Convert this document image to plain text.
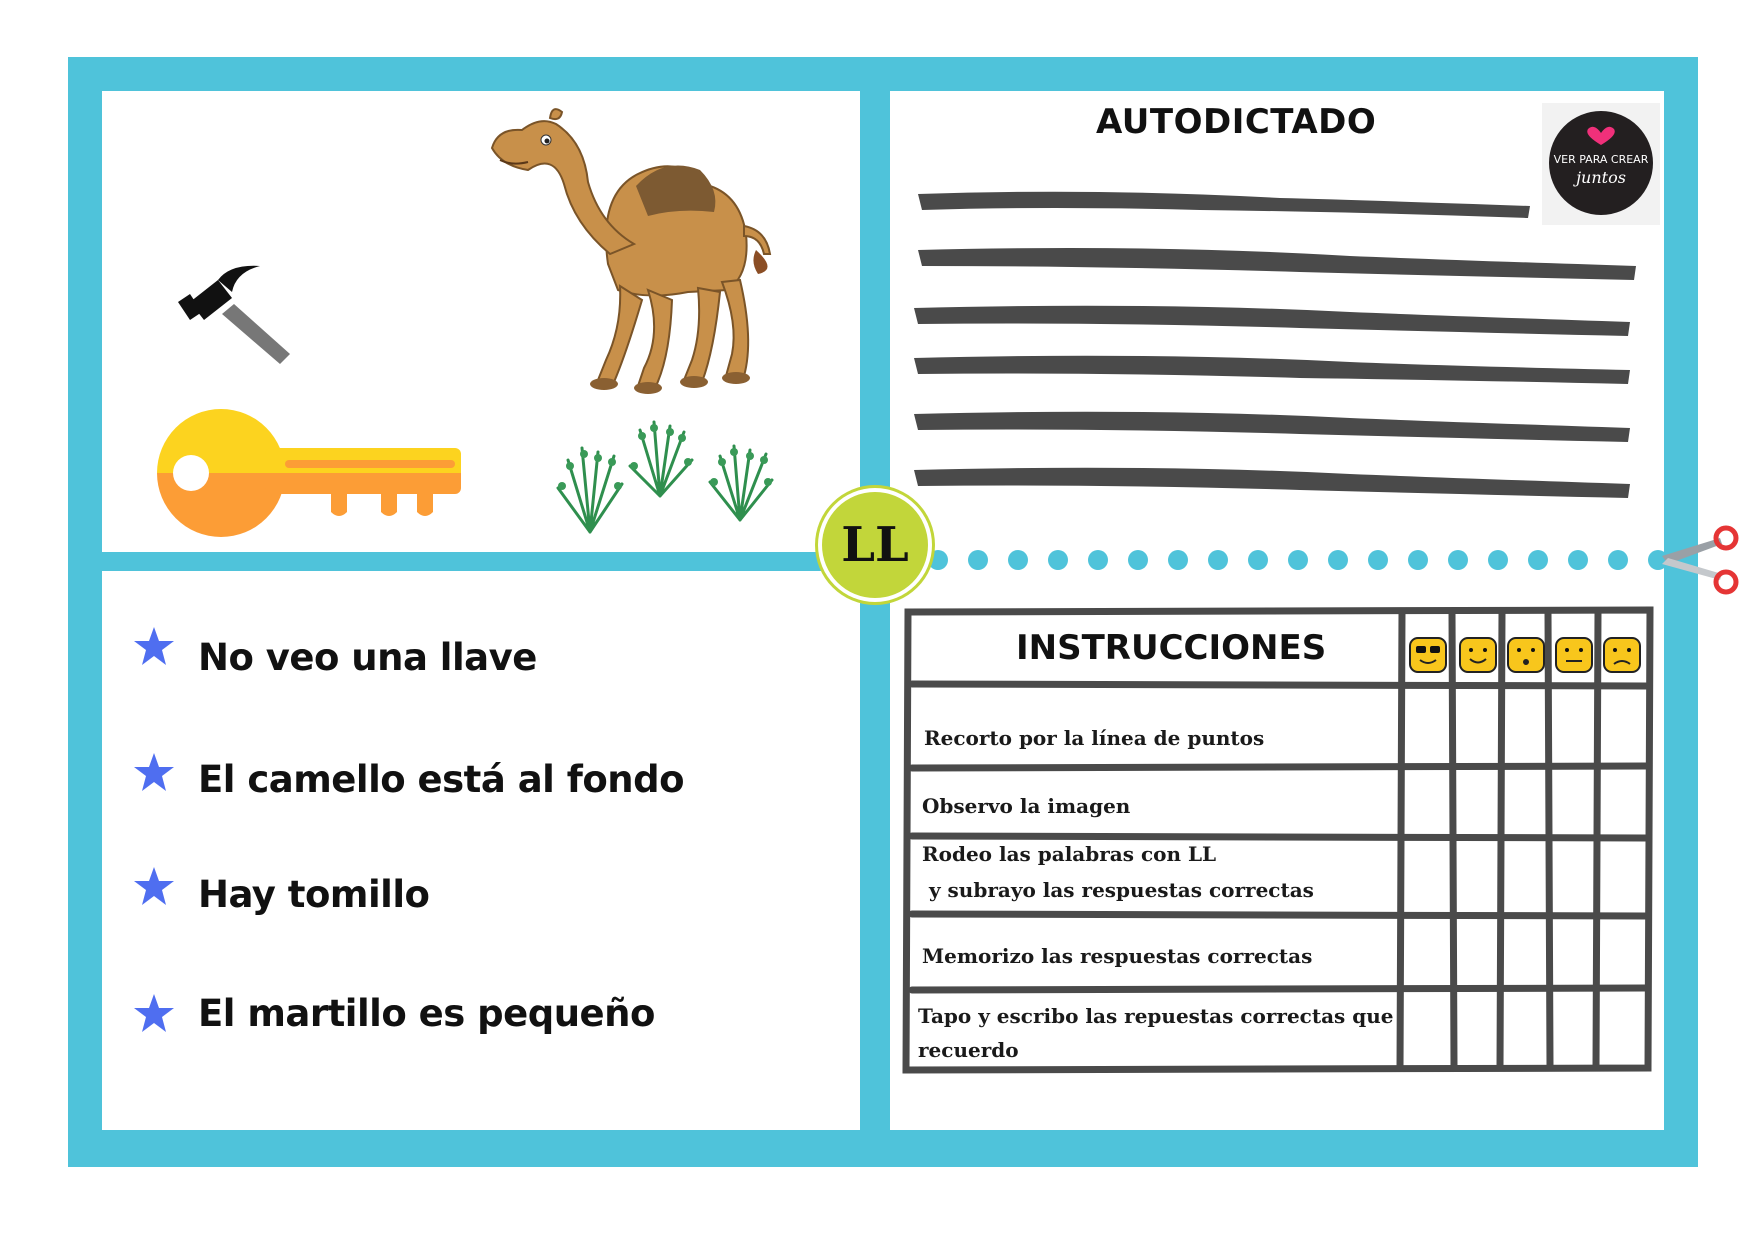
No veo una llave
El camello está al fondo
Hay tomillo
El martillo es pequeño
AUTODICTADO
VER PARA CREAR
juntos
LL
INSTRUCCIONES
Recorto por la línea de puntos
Observo la imagen
Rodeo las palabras con LL
y subrayo las respuestas correctas
Memorizo las respuestas correctas
Tapo y escribo las repuestas correctas que
recuerdo
